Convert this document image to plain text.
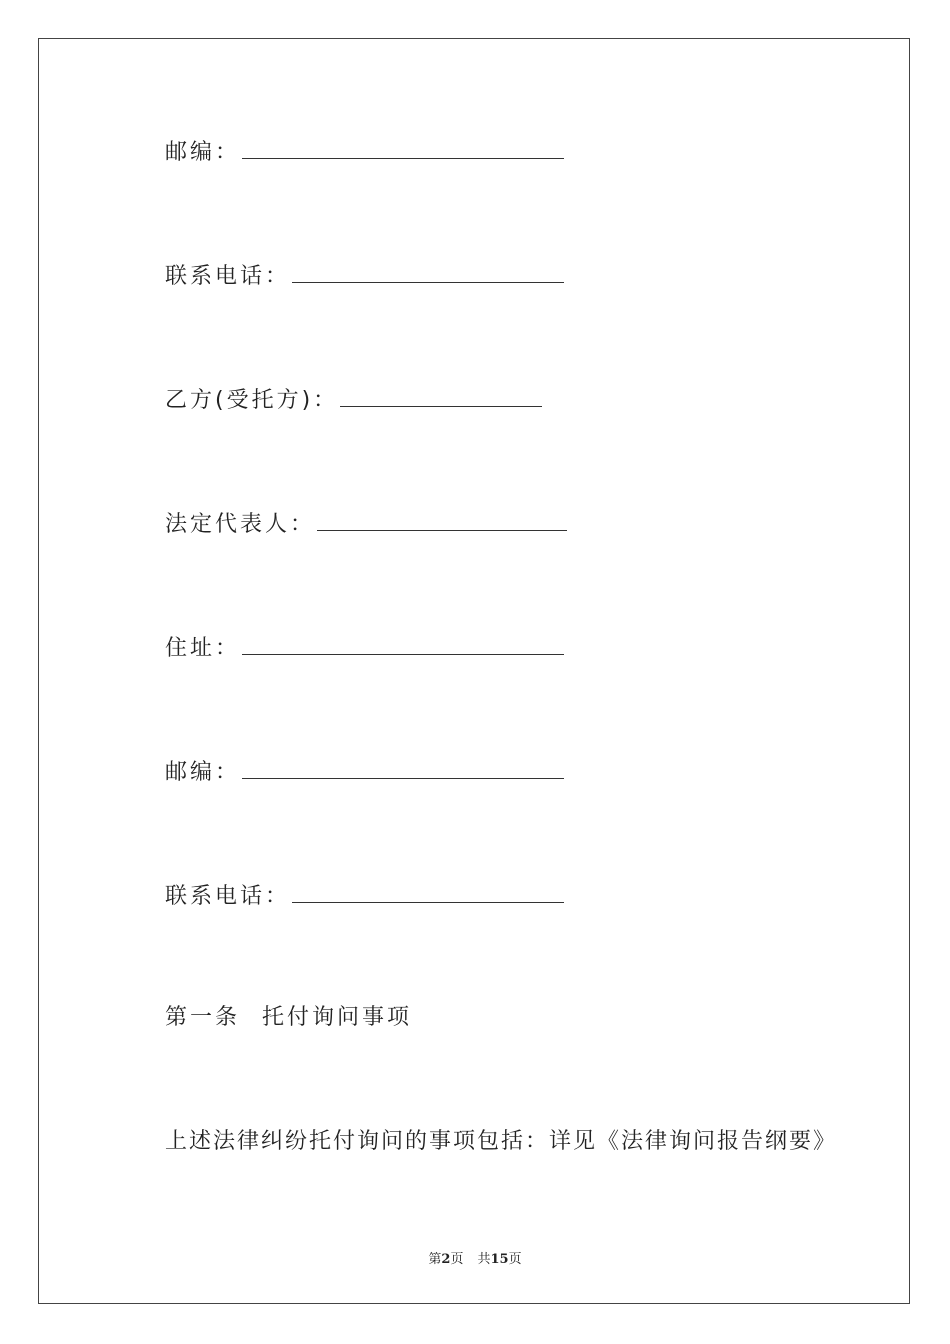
邮编：
联系电话：
乙方(受托方)：
法定代表人：
住址：
邮编：
联系电话：
第一条 托付询问事项
上述法律纠纷托付询问的事项包括：详见《法律询问报告纲要》
第2页 共15页
